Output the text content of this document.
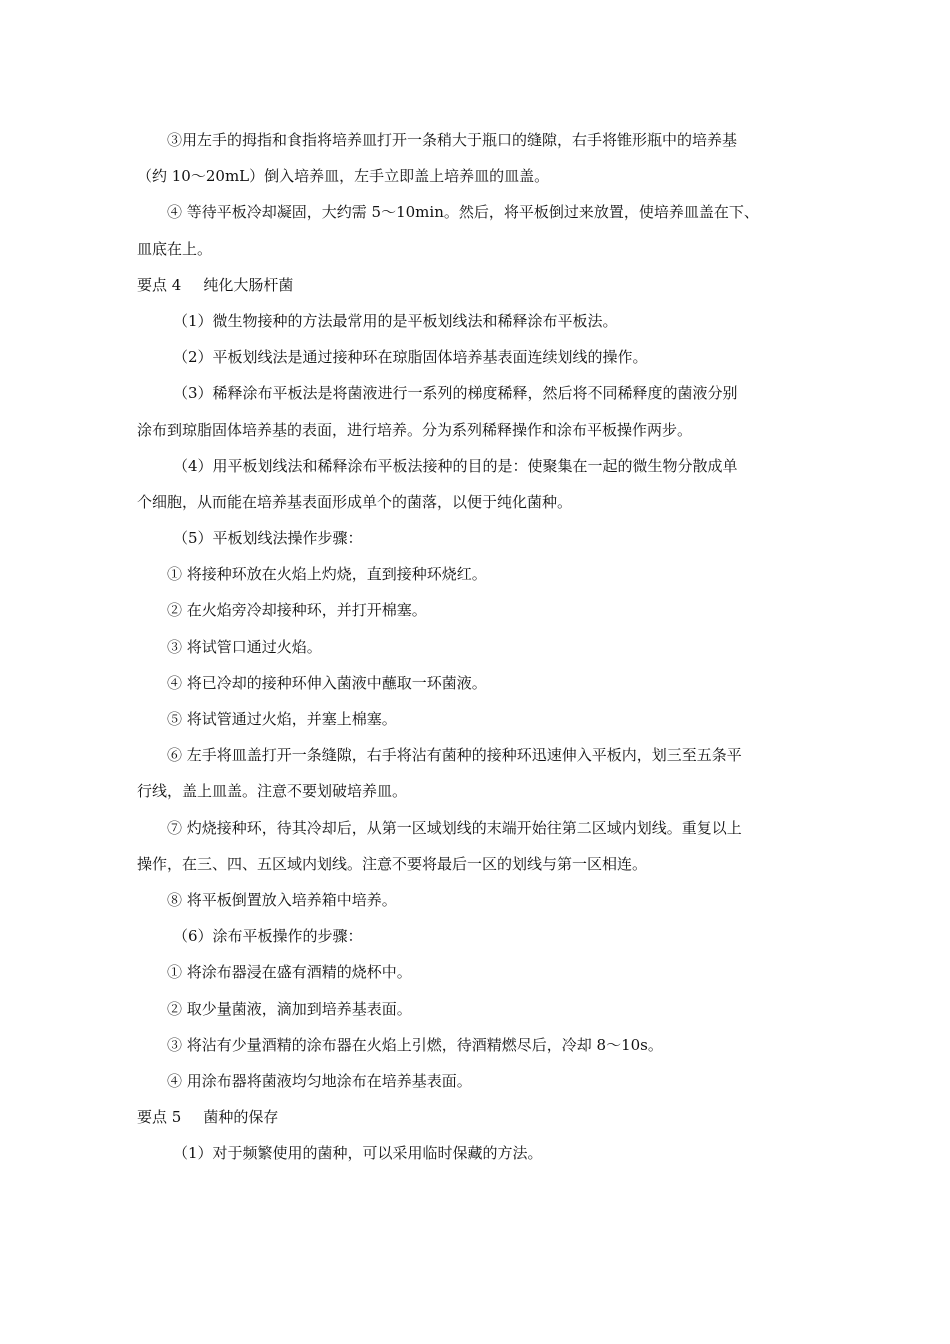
③用左手的拇指和食指将培养皿打开一条稍大于瓶口的缝隙，右手将锥形瓶中的培养基
（约 10～20mL）倒入培养皿，左手立即盖上培养皿的皿盖。
④ 等待平板冷却凝固，大约需 5～10min。然后，将平板倒过来放置，使培养皿盖在下、
皿底在上。
要点 4 纯化大肠杆菌
（1）微生物接种的方法最常用的是平板划线法和稀释涂布平板法。
（2）平板划线法是通过接种环在琼脂固体培养基表面连续划线的操作。
（3）稀释涂布平板法是将菌液进行一系列的梯度稀释，然后将不同稀释度的菌液分别
涂布到琼脂固体培养基的表面，进行培养。分为系列稀释操作和涂布平板操作两步。
（4）用平板划线法和稀释涂布平板法接种的目的是：使聚集在一起的微生物分散成单
个细胞，从而能在培养基表面形成单个的菌落，以便于纯化菌种。
（5）平板划线法操作步骤：
① 将接种环放在火焰上灼烧，直到接种环烧红。
② 在火焰旁冷却接种环，并打开棉塞。
③ 将试管口通过火焰。
④ 将已冷却的接种环伸入菌液中蘸取一环菌液。
⑤ 将试管通过火焰，并塞上棉塞。
⑥ 左手将皿盖打开一条缝隙，右手将沾有菌种的接种环迅速伸入平板内，划三至五条平
行线，盖上皿盖。注意不要划破培养皿。
⑦ 灼烧接种环，待其冷却后，从第一区域划线的末端开始往第二区域内划线。重复以上
操作，在三、四、五区域内划线。注意不要将最后一区的划线与第一区相连。
⑧ 将平板倒置放入培养箱中培养。
（6）涂布平板操作的步骤：
① 将涂布器浸在盛有酒精的烧杯中。
② 取少量菌液，滴加到培养基表面。
③ 将沾有少量酒精的涂布器在火焰上引燃，待酒精燃尽后，冷却 8～10s。
④ 用涂布器将菌液均匀地涂布在培养基表面。
要点 5 菌种的保存
（1）对于频繁使用的菌种，可以采用临时保藏的方法。
